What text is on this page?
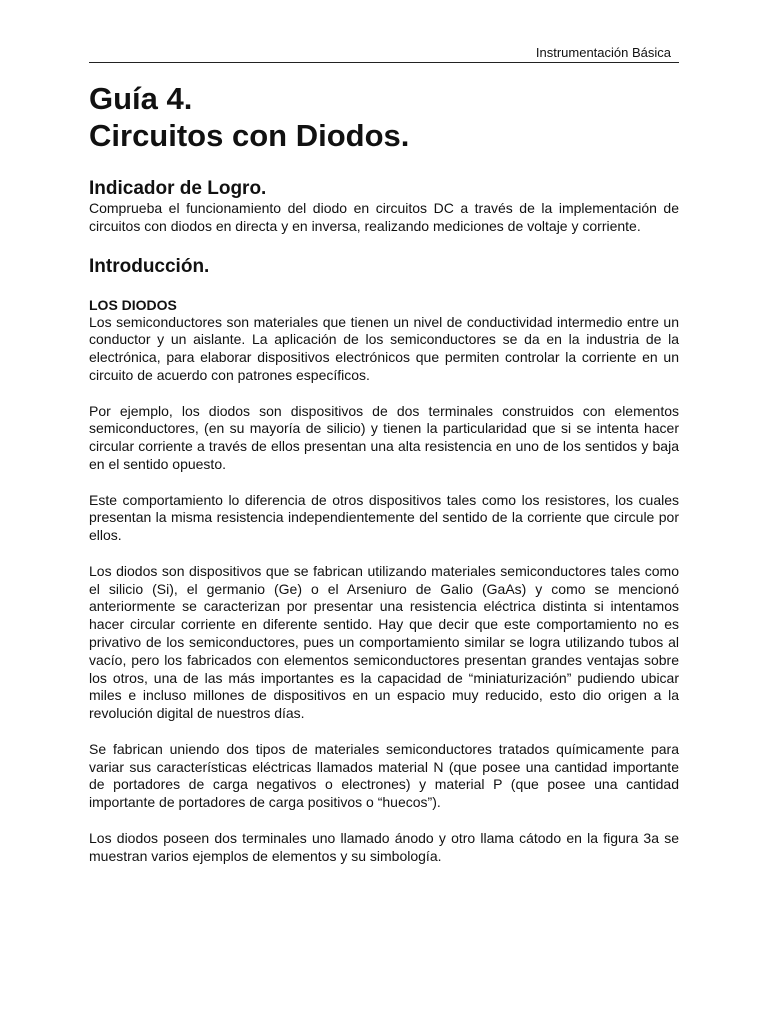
Instrumentación Básica
Guía 4.
Circuitos con Diodos.
Indicador de Logro.

Comprueba el funcionamiento del diodo en circuitos DC a través de la implementación de circuitos con diodos en directa y en inversa, realizando mediciones de voltaje y corriente.

Introducción.
LOS DIODOS

Los semiconductores son materiales que tienen un nivel de conductividad intermedio entre un conductor y un aislante. La aplicación de los semiconductores se da en la industria de la electrónica, para elaborar dispositivos electrónicos que permiten controlar la corriente en un circuito de acuerdo con patrones específicos.

Por ejemplo, los diodos son dispositivos de dos terminales construidos con elementos semiconductores, (en su mayoría de silicio) y tienen la particularidad que si se intenta hacer circular corriente a través de ellos presentan una alta resistencia en uno de los sentidos y baja en el sentido opuesto.

Este comportamiento lo diferencia de otros dispositivos tales como los resistores, los cuales presentan la misma resistencia independientemente del sentido de la corriente que circule por ellos.

Los diodos son dispositivos que se fabrican utilizando materiales semiconductores tales como el silicio (Si), el germanio (Ge) o el Arseniuro de Galio (GaAs) y como se mencionó anteriormente se caracterizan por presentar una resistencia eléctrica distinta si intentamos hacer circular corriente en diferente sentido. Hay que decir que este comportamiento no es privativo de los semiconductores, pues un comportamiento similar se logra utilizando tubos al vacío, pero los fabricados con elementos semiconductores presentan grandes ventajas sobre los otros, una de las más importantes es la capacidad de “miniaturización” pudiendo ubicar miles e incluso millones de dispositivos en un espacio muy reducido, esto dio origen a la revolución digital de nuestros días.

Se fabrican uniendo dos tipos de materiales semiconductores tratados químicamente para variar sus características eléctricas llamados material N (que posee una cantidad importante de portadores de carga negativos o electrones) y material P (que posee una cantidad importante de portadores de carga positivos o “huecos”).

Los diodos poseen dos terminales uno llamado ánodo y otro llama cátodo en la figura 3a se muestran varios ejemplos de elementos y su simbología.
